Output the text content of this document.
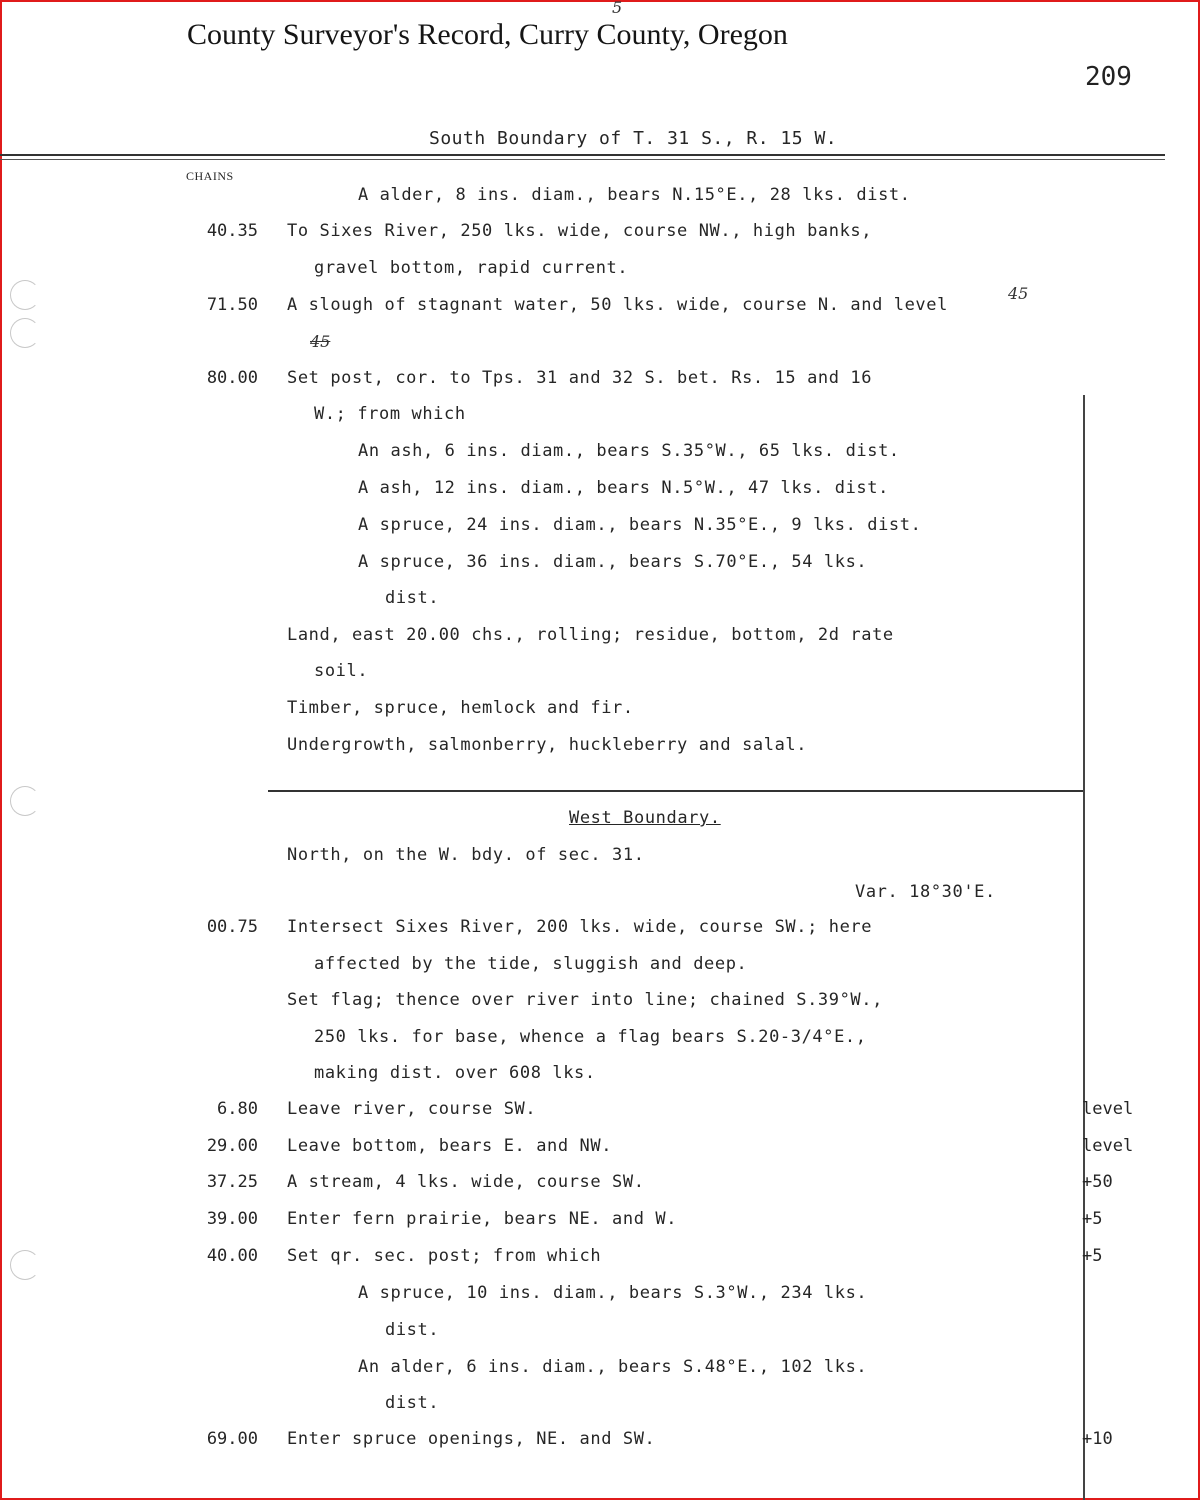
County Surveyor's Record, Curry County, Oregon
5
209
South Boundary of T. 31 S., R. 15 W.
CHAINS
A alder, 8 ins. diam., bears N.15°E., 28 lks. dist.
40.35 To Sixes River, 250 lks. wide, course NW., high banks,
gravel bottom, rapid current.
71.50 A slough of stagnant water, 50 lks. wide, course N. and level
80.00 Set post, cor. to Tps. 31 and 32 S. bet. Rs. 15 and 16
W.; from which
An ash, 6 ins. diam., bears S.35°W., 65 lks. dist.
A ash, 12 ins. diam., bears N.5°W., 47 lks. dist.
A spruce, 24 ins. diam., bears N.35°E., 9 lks. dist.
A spruce, 36 ins. diam., bears S.70°E., 54 lks.
dist.
Land, east 20.00 chs., rolling; residue, bottom, 2d rate
soil.
Timber, spruce, hemlock and fir.
Undergrowth, salmonberry, huckleberry and salal.
45
45
West Boundary.
North, on the W. bdy. of sec. 31.
Var. 18°30'E.
00.75 Intersect Sixes River, 200 lks. wide, course SW.; here
affected by the tide, sluggish and deep.
Set flag; thence over river into line; chained S.39°W.,
250 lks. for base, whence a flag bears S.20-3/4°E.,
making dist. over 608 lks.
6.80 Leave river, course SW.	level
29.00 Leave bottom, bears E. and NW.	level
37.25 A stream, 4 lks. wide, course SW.	+50
39.00 Enter fern prairie, bears NE. and W.	+5
40.00 Set qr. sec. post; from which	+5
A spruce, 10 ins. diam., bears S.3°W., 234 lks.
dist.
An alder, 6 ins. diam., bears S.48°E., 102 lks.
dist.
69.00 Enter spruce openings, NE. and SW.	+10
